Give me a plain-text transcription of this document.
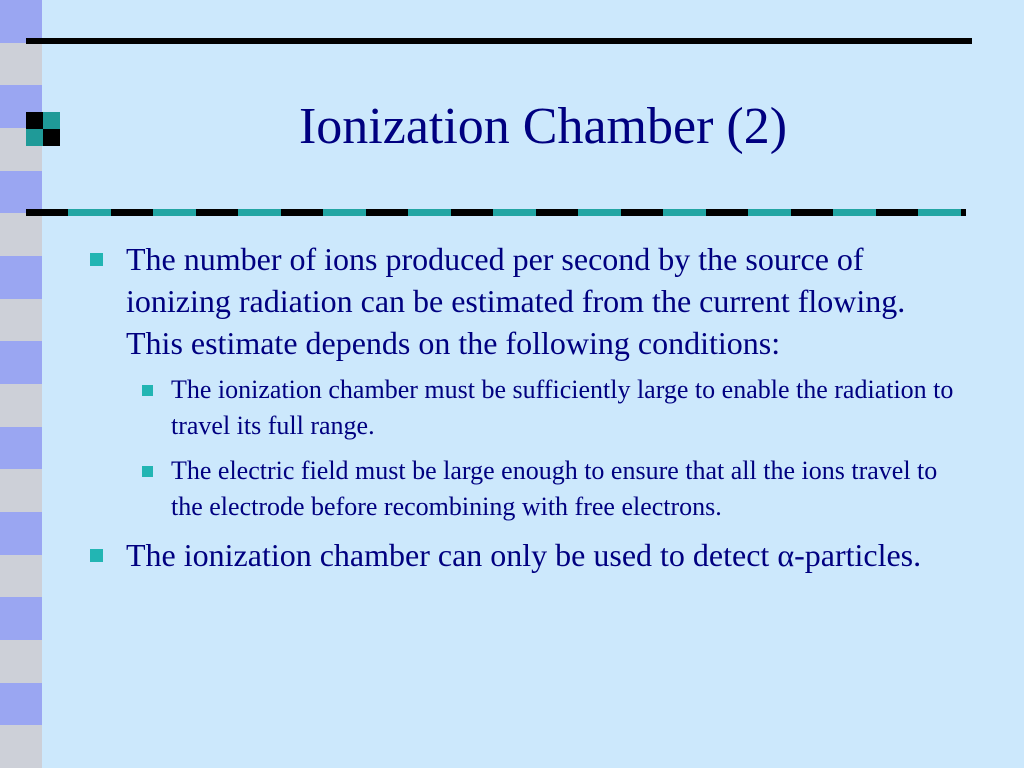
Ionization Chamber (2)
The number of ions produced per second by the source of ionizing radiation can be estimated from the current flowing. This estimate depends on the following conditions:
The ionization chamber must be sufficiently large to enable the radiation to travel its full range.
The electric field must be large enough to ensure that all the ions travel to the electrode before recombining with free electrons.
The ionization chamber can only be used to detect α-particles.
